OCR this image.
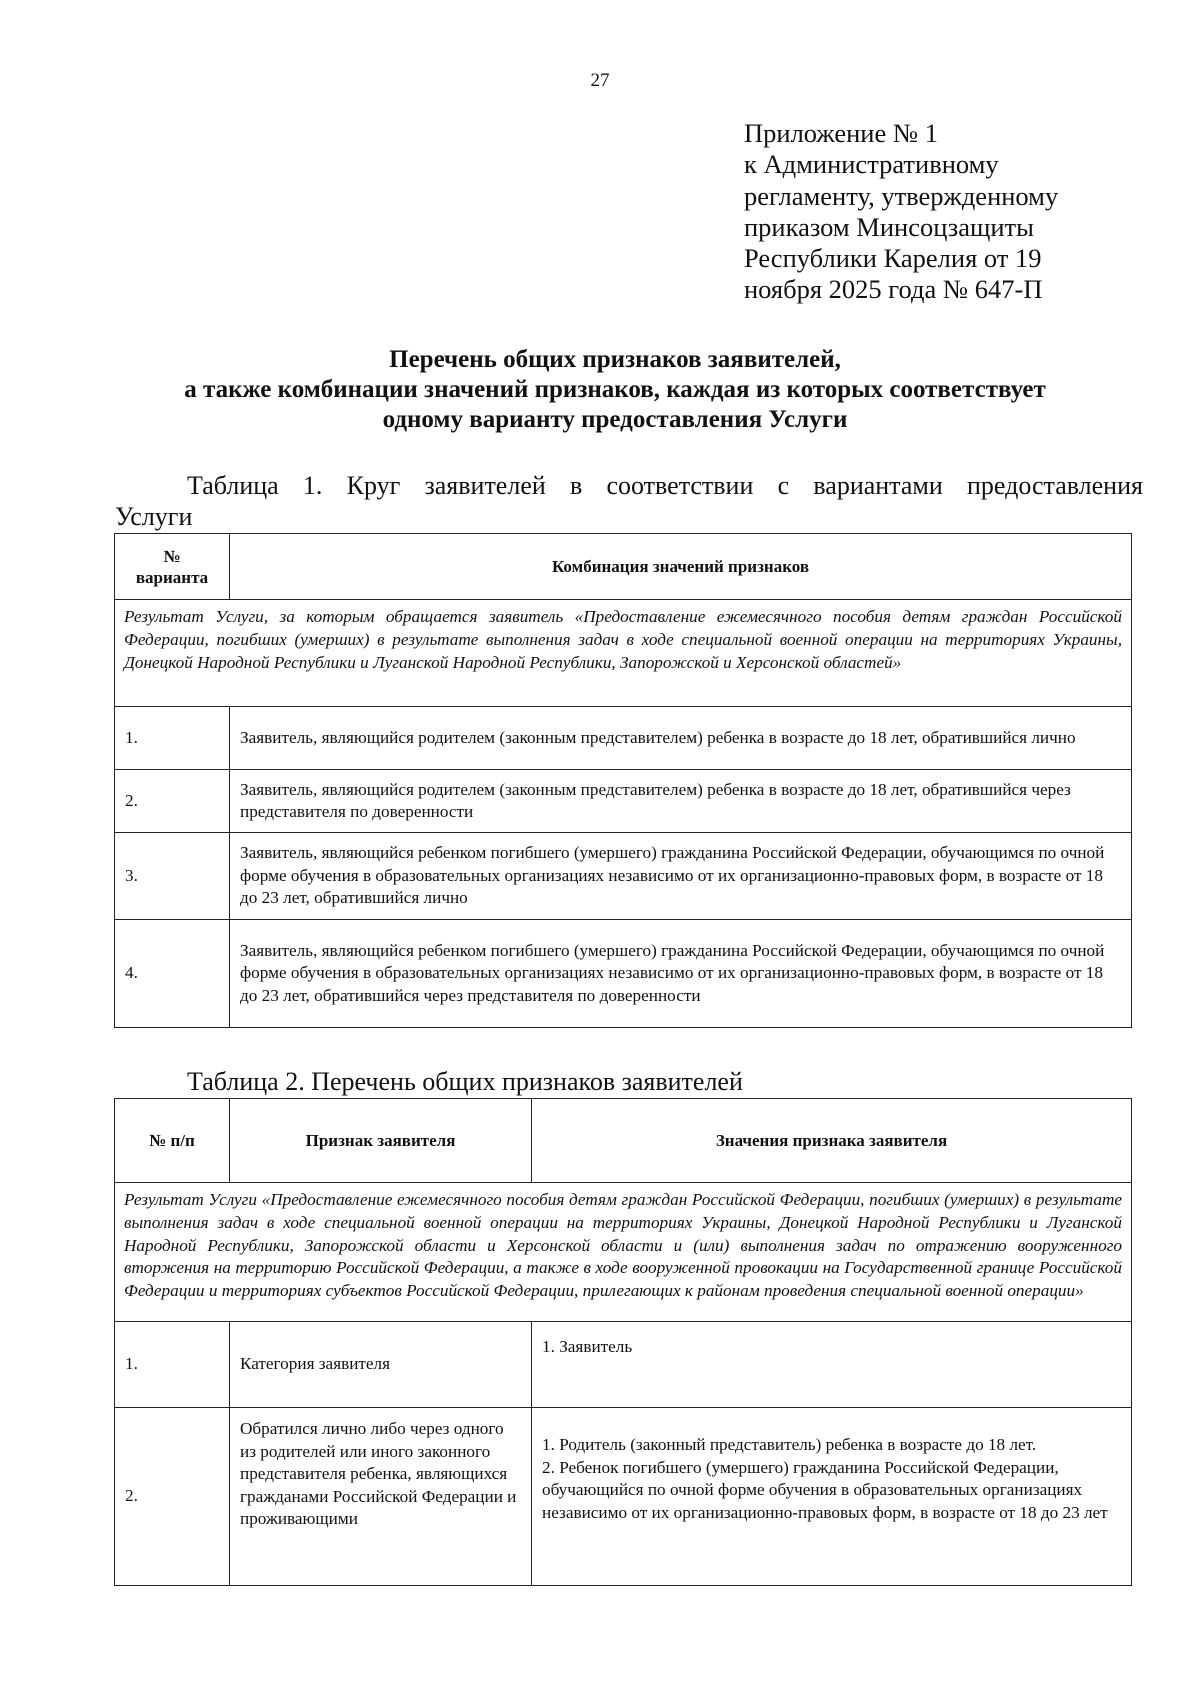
27
Приложение № 1
к Административному
регламенту, утвержденному
приказом Минсоцзащиты
Республики Карелия от 19
ноября 2025 года № 647-П
Перечень общих признаков заявителей,
а также комбинации значений признаков, каждая из которых соответствует
одному варианту предоставления Услуги
Таблица 1. Круг заявителей в соответствии с вариантами предоставления
Услуги
№
варианта	Комбинация значений признаков
Результат Услуги, за которым обращается заявитель «Предоставление ежемесячного пособия детям граждан Российской Федерации, погибших (умерших) в результате выполнения задач в ходе специальной военной операции на территориях Украины, Донецкой Народной Республики и Луганской Народной Республики, Запорожской и Херсонской областей»	
1.	Заявитель, являющийся родителем (законным представителем) ребенка в возрасте до 18 лет, обратившийся лично
2.	Заявитель, являющийся родителем (законным представителем) ребенка в возрасте до 18 лет, обратившийся через представителя по доверенности
3.	Заявитель, являющийся ребенком погибшего (умершего) гражданина Российской Федерации, обучающимся по очной форме обучения в образовательных организациях независимо от их организационно-правовых форм, в возрасте от 18 до 23 лет, обратившийся лично
4.	Заявитель, являющийся ребенком погибшего (умершего) гражданина Российской Федерации, обучающимся по очной форме обучения в образовательных организациях независимо от их организационно-правовых форм, в возрасте от 18 до 23 лет, обратившийся через представителя по доверенности
Таблица 2. Перечень общих признаков заявителей
№ п/п	Признак заявителя	Значения признака заявителя
Результат Услуги «Предоставление ежемесячного пособия детям граждан Российской Федерации, погибших (умерших) в результате выполнения задач в ходе специальной военной операции на территориях Украины, Донецкой Народной Республики и Луганской Народной Республики, Запорожской области и Херсонской области и (или) выполнения задач по отражению вооруженного вторжения на территорию Российской Федерации, а также в ходе вооруженной провокации на Государственной границе Российской Федерации и территориях субъектов Российской Федерации, прилегающих к районам проведения специальной военной операции»		
1.	Категория заявителя	1. Заявитель

2.	Обратился лично либо через одного из родителей или иного законного представителя ребенка, являющихся гражданами Российской Федерации и проживающими	1. Родитель (законный представитель) ребенка в возрасте до 18 лет.
2. Ребенок погибшего (умершего) гражданина Российской Федерации, обучающийся по очной форме обучения в образовательных организациях независимо от их организационно-правовых форм, в возрасте от 18 до 23 лет
